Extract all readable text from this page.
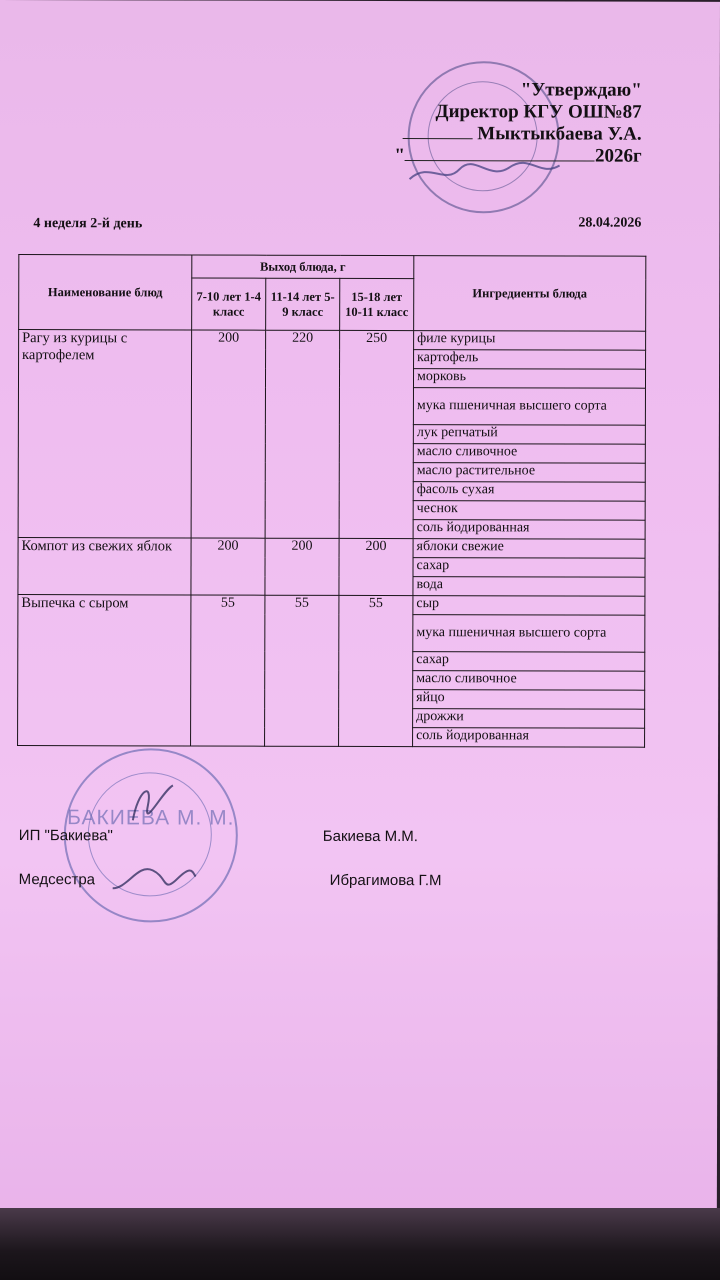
"Утверждаю"
Директор КГУ ОШ№87
Мыктыкбаева У.А.
"	2026г
4 неделя 2-й день	28.04.2026
Наименование блюд	Выход блюда, г			Ингредиенты блюда
	7-10 лет 1-4 класс	11-14 лет 5-9 класс	15-18 лет 10-11 класс	
Рагу из курицы с картофелем	200	220	250	филе курицы
				картофель
				морковь
				мука пшеничная высшего сорта
				лук репчатый
				масло сливочное
				масло растительное
				фасоль сухая
				чеснок
				соль йодированная
Компот из свежих яблок	200	200	200	яблоки свежие
				сахар
				вода
Выпечка с сыром	55	55	55	сыр
				мука пшеничная высшего сорта
				сахар
				масло сливочное
				яйцо
				дрожжи
				соль йодированная
БАКИЕВА М. М.
ИП "Бакиева"	Бакиева М.М.
Медсестра	Ибрагимова Г.М
